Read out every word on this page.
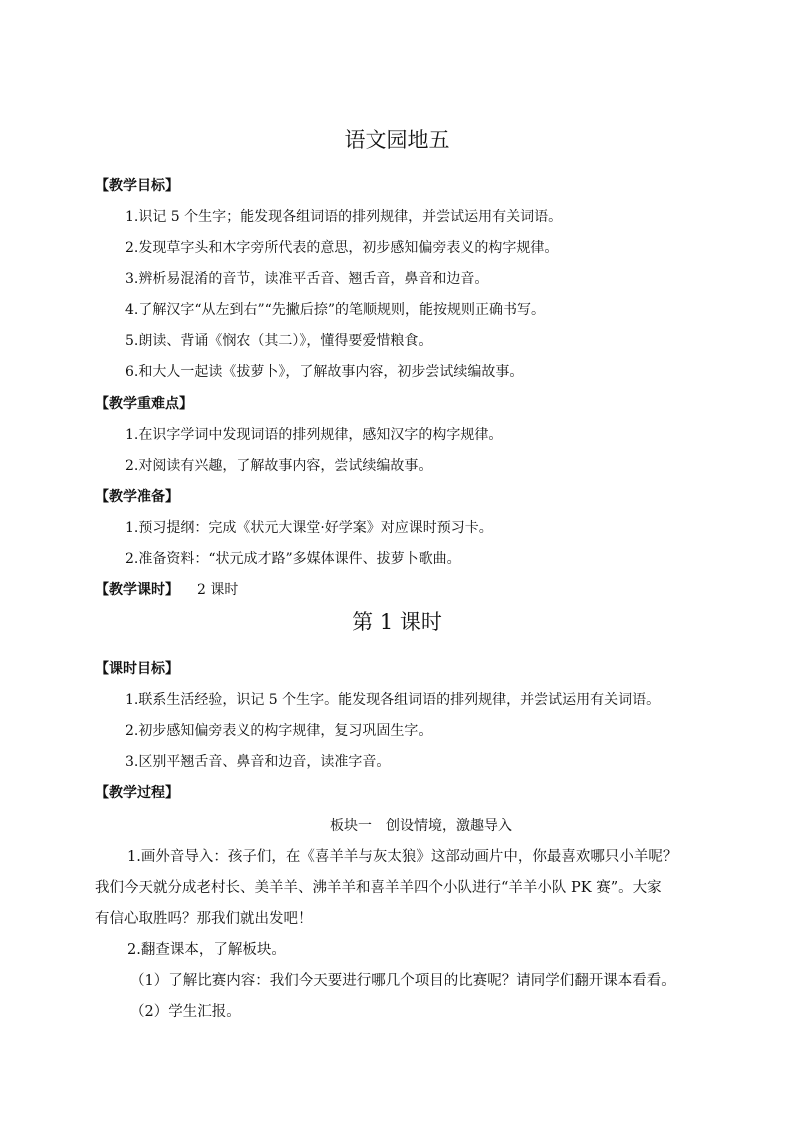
语文园地五
【教学目标】
1.识记 5 个生字；能发现各组词语的排列规律，并尝试运用有关词语。
2.发现草字头和木字旁所代表的意思，初步感知偏旁表义的构字规律。
3.辨析易混淆的音节，读准平舌音、翘舌音，鼻音和边音。
4.了解汉字“从左到右”“先撇后捺”的笔顺规则，能按规则正确书写。
5.朗读、背诵《悯农（其二）》，懂得要爱惜粮食。
6.和大人一起读《拔萝卜》，了解故事内容，初步尝试续编故事。
【教学重难点】
1.在识字学词中发现词语的排列规律，感知汉字的构字规律。
2.对阅读有兴趣，了解故事内容，尝试续编故事。
【教学准备】
1.预习提纲：完成《状元大课堂·好学案》对应课时预习卡。
2.准备资料：“状元成才路”多媒体课件、拔萝卜歌曲。
【教学课时】 2 课时
第 1 课时
【课时目标】
1.联系生活经验，识记 5 个生字。能发现各组词语的排列规律，并尝试运用有关词语。
2.初步感知偏旁表义的构字规律，复习巩固生字。
3.区别平翘舌音、鼻音和边音，读准字音。
【教学过程】
板块一　创设情境，激趣导入
1.画外音导入：孩子们，在《喜羊羊与灰太狼》这部动画片中，你最喜欢哪只小羊呢？
我们今天就分成老村长、美羊羊、沸羊羊和喜羊羊四个小队进行“羊羊小队 PK 赛”。大家
有信心取胜吗？那我们就出发吧！
2.翻查课本，了解板块。
（1）了解比赛内容：我们今天要进行哪几个项目的比赛呢？请同学们翻开课本看看。
（2）学生汇报。
